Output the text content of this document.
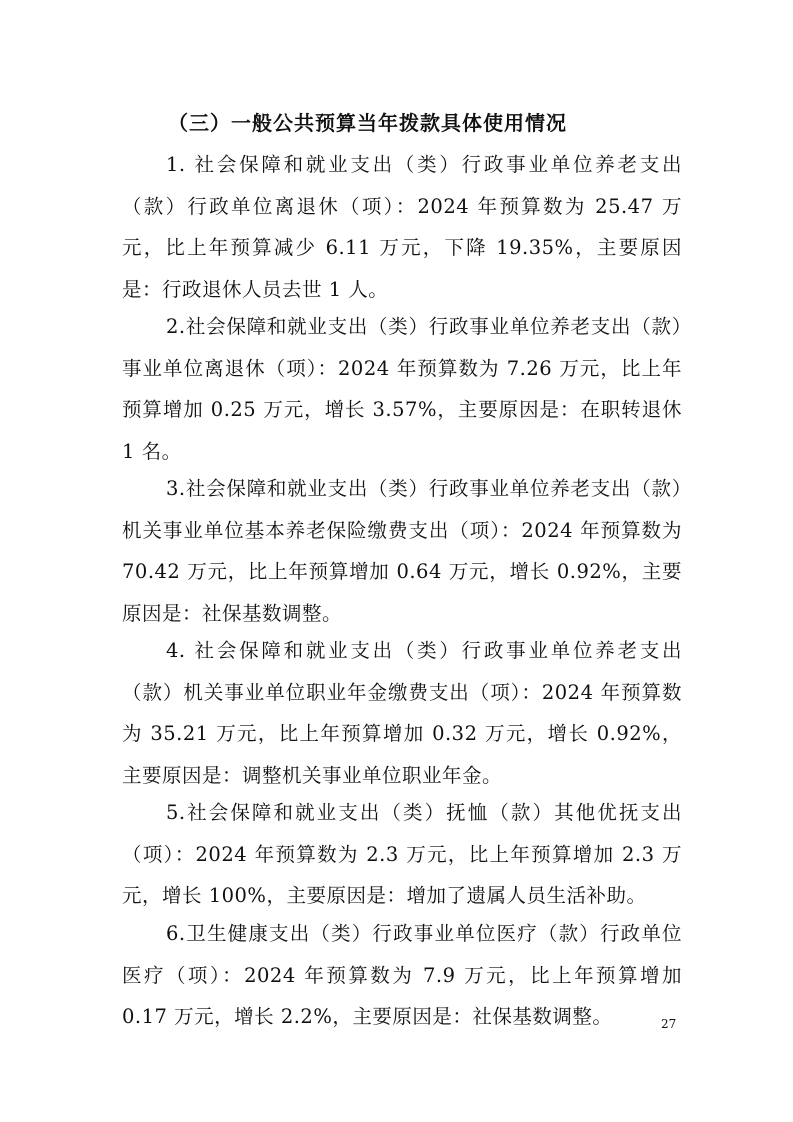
（三）一般公共预算当年拨款具体使用情况

1. 社会保障和就业支出（类）行政事业单位养老支出（款）行政单位离退休（项）：2024 年预算数为 25.47 万元，比上年预算减少 6.11 万元，下降 19.35%，主要原因是：行政退休人员去世 1 人。

2.社会保障和就业支出（类）行政事业单位养老支出（款）事业单位离退休（项）：2024 年预算数为 7.26 万元，比上年预算增加 0.25 万元，增长 3.57%，主要原因是：在职转退休 1 名。

3.社会保障和就业支出（类）行政事业单位养老支出（款）机关事业单位基本养老保险缴费支出（项）：2024 年预算数为 70.42 万元，比上年预算增加 0.64 万元，增长 0.92%，主要原因是：社保基数调整。

4. 社会保障和就业支出（类）行政事业单位养老支出（款）机关事业单位职业年金缴费支出（项）：2024 年预算数为 35.21 万元，比上年预算增加 0.32 万元，增长 0.92%，主要原因是：调整机关事业单位职业年金。

5.社会保障和就业支出（类）抚恤（款）其他优抚支出（项）：2024 年预算数为 2.3 万元，比上年预算增加 2.3 万元，增长 100%，主要原因是：增加了遗属人员生活补助。

6.卫生健康支出（类）行政事业单位医疗（款）行政单位医疗（项）：2024 年预算数为 7.9 万元，比上年预算增加 0.17 万元，增长 2.2%，主要原因是：社保基数调整。	27
